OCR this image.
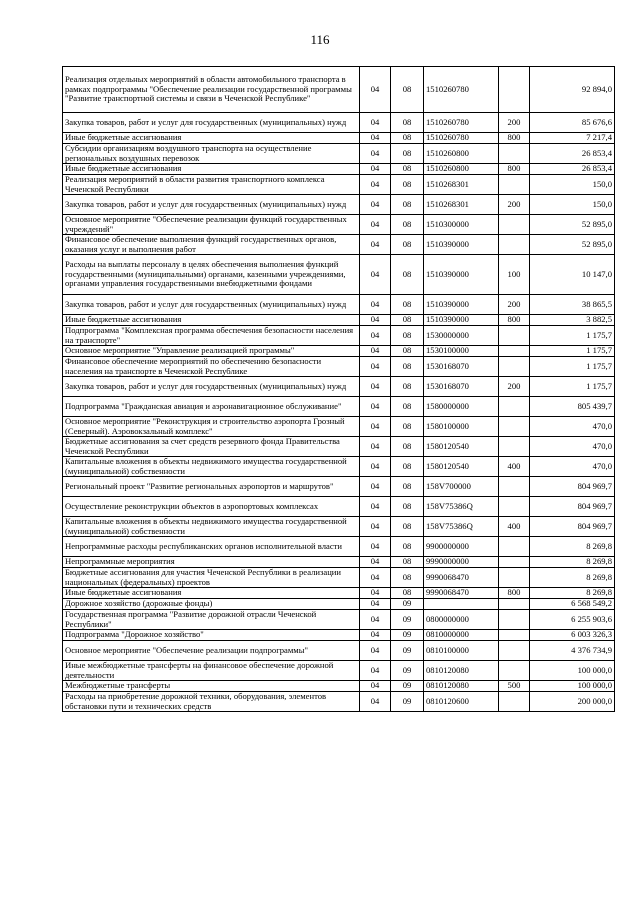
116
Реализация отдельных мероприятий в области автомобильного транспорта в рамках подпрограммы "Обеспечение реализации государственной программы "Развитие транспортной системы и связи в Чеченской Республике"	04	08	1510260780		92 894,0
Закупка товаров, работ и услуг для государственных (муниципальных) нужд	04	08	1510260780	200	85 676,6
Иные бюджетные ассигнования	04	08	1510260780	800	7 217,4
Субсидии организациям воздушного транспорта на осуществление региональных воздушных перевозок	04	08	1510260800		26 853,4
Иные бюджетные ассигнования	04	08	1510260800	800	26 853,4
Реализация мероприятий в области развития транспортного комплекса Чеченской Республики	04	08	1510268301		150,0
Закупка товаров, работ и услуг для государственных (муниципальных) нужд	04	08	1510268301	200	150,0
Основное мероприятие "Обеспечение реализации функций государственных учреждений"	04	08	1510300000		52 895,0
Финансовое обеспечение выполнения функций государственных органов, оказания услуг и выполнения работ	04	08	1510390000		52 895,0
Расходы на выплаты персоналу в целях обеспечения выполнения функций государственными (муниципальными) органами, казенными учреждениями, органами управления государственными внебюджетными фондами	04	08	1510390000	100	10 147,0
Закупка товаров, работ и услуг для государственных (муниципальных) нужд	04	08	1510390000	200	38 865,5
Иные бюджетные ассигнования	04	08	1510390000	800	3 882,5
Подпрограмма "Комплексная программа обеспечения безопасности населения на транспорте"	04	08	1530000000		1 175,7
Основное мероприятие "Управление реализацией программы"	04	08	1530100000		1 175,7
Финансовое обеспечение мероприятий по обеспечению безопасности населения на транспорте в Чеченской Республике	04	08	1530168070		1 175,7
Закупка товаров, работ и услуг для государственных (муниципальных) нужд	04	08	1530168070	200	1 175,7
Подпрограмма "Гражданская авиация и аэронавигационное обслуживание"	04	08	1580000000		805 439,7
Основное мероприятие "Реконструкция и строительство аэропорта Грозный (Северный). Аэровокзальный комплекс"	04	08	1580100000		470,0
Бюджетные ассигнования за счет средств резервного фонда Правительства Чеченской Республики	04	08	1580120540		470,0
Капитальные вложения в объекты недвижимого имущества государственной (муниципальной) собственности	04	08	1580120540	400	470,0
Региональный проект "Развитие региональных аэропортов и маршрутов"	04	08	158V700000		804 969,7
Осуществление реконструкции объектов в аэропортовых комплексах	04	08	158V75386Q		804 969,7
Капитальные вложения в объекты недвижимого имущества государственной (муниципальной) собственности	04	08	158V75386Q	400	804 969,7
Непрограммные расходы республиканских органов исполнительной власти	04	08	9900000000		8 269,8
Непрограммные мероприятия	04	08	9990000000		8 269,8
Бюджетные ассигнования для участия Чеченской Республики в реализации национальных (федеральных) проектов	04	08	9990068470		8 269,8
Иные бюджетные ассигнования	04	08	9990068470	800	8 269,8
Дорожное хозяйство (дорожные фонды)	04	09			6 568 549,2
Государственная программа "Развитие дорожной отрасли Чеченской Республики"	04	09	0800000000		6 255 903,6
Подпрограмма "Дорожное хозяйство"	04	09	0810000000		6 003 326,3
Основное мероприятие "Обеспечение реализации подпрограммы"	04	09	0810100000		4 376 734,9
Иные межбюджетные трансферты на финансовое обеспечение дорожной деятельности	04	09	0810120080		100 000,0
Межбюджетные трансферты	04	09	0810120080	500	100 000,0
Расходы на приобретение дорожной техники, оборудования, элементов обстановки пути и технических средств	04	09	0810120600		200 000,0
